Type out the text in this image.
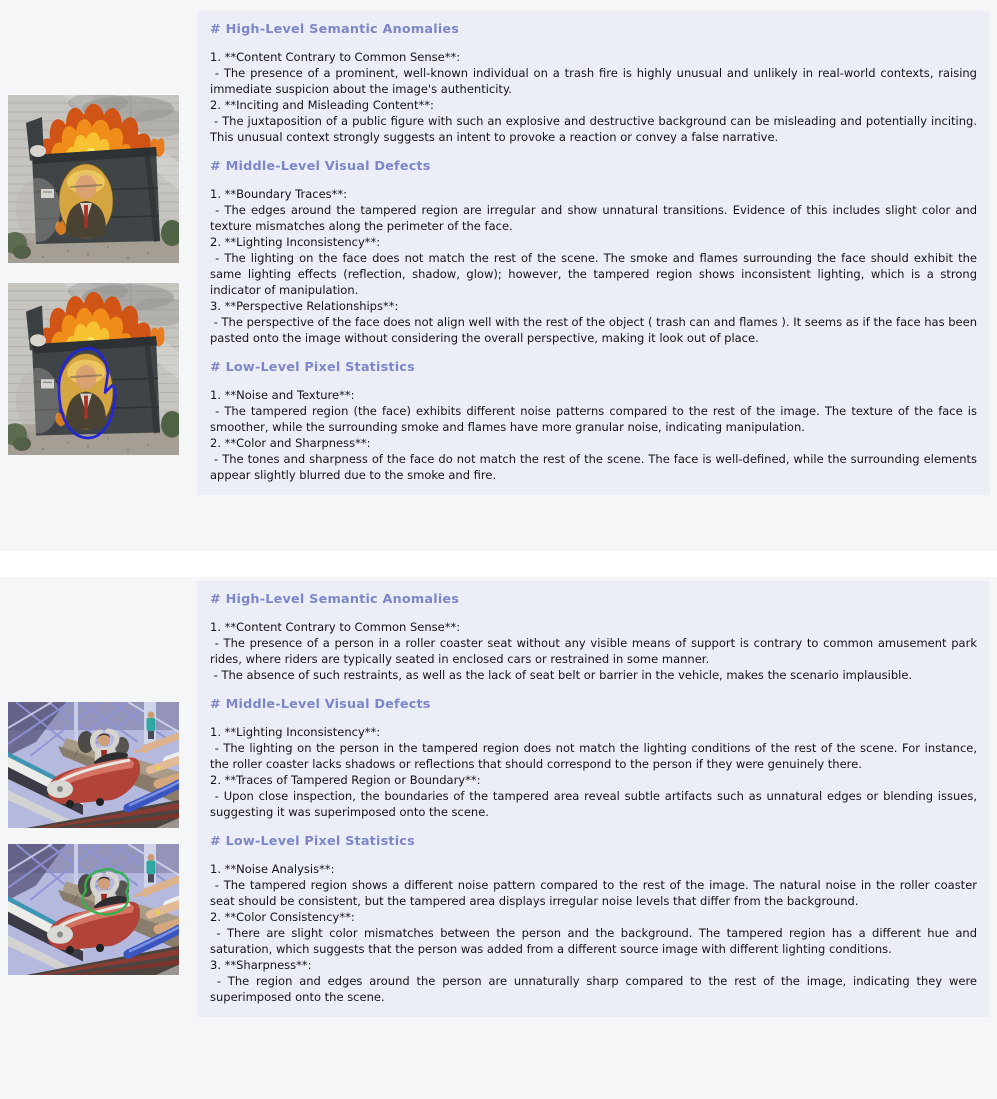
# High-Level Semantic Anomalies

1. **Content Contrary to Common Sense**:

- The presence of a prominent, well-known individual on a trash fire is highly unusual and unlikely in real-world contexts, raising immediate suspicion about the image's authenticity.

2. **Inciting and Misleading Content**:

- The juxtaposition of a public figure with such an explosive and destructive background can be misleading and potentially inciting. This unusual context strongly suggests an intent to provoke a reaction or convey a false narrative.

# Middle-Level Visual Defects

1. **Boundary Traces**:

- The edges around the tampered region are irregular and show unnatural transitions. Evidence of this includes slight color and texture mismatches along the perimeter of the face.

2. **Lighting Inconsistency**:

- The lighting on the face does not match the rest of the scene. The smoke and flames surrounding the face should exhibit the same lighting effects (reflection, shadow, glow); however, the tampered region shows inconsistent lighting, which is a strong indicator of manipulation.

3. **Perspective Relationships**:

- The perspective of the face does not align well with the rest of the object ( trash can and flames ). It seems as if the face has been pasted onto the image without considering the overall perspective, making it look out of place.

# Low-Level Pixel Statistics

1. **Noise and Texture**:

- The tampered region (the face) exhibits different noise patterns compared to the rest of the image. The texture of the face is smoother, while the surrounding smoke and flames have more granular noise, indicating manipulation.

2. **Color and Sharpness**:

- The tones and sharpness of the face do not match the rest of the scene. The face is well-defined, while the surrounding elements appear slightly blurred due to the smoke and fire.

# High-Level Semantic Anomalies

1. **Content Contrary to Common Sense**:

- The presence of a person in a roller coaster seat without any visible means of support is contrary to common amusement park rides, where riders are typically seated in enclosed cars or restrained in some manner.

- The absence of such restraints, as well as the lack of seat belt or barrier in the vehicle, makes the scenario implausible.

# Middle-Level Visual Defects

1. **Lighting Inconsistency**:

- The lighting on the person in the tampered region does not match the lighting conditions of the rest of the scene. For instance, the roller coaster lacks shadows or reflections that should correspond to the person if they were genuinely there.

2. **Traces of Tampered Region or Boundary**:

- Upon close inspection, the boundaries of the tampered area reveal subtle artifacts such as unnatural edges or blending issues, suggesting it was superimposed onto the scene.

# Low-Level Pixel Statistics

1. **Noise Analysis**:

- The tampered region shows a different noise pattern compared to the rest of the image. The natural noise in the roller coaster seat should be consistent, but the tampered area displays irregular noise levels that differ from the background.

2. **Color Consistency**:

- There are slight color mismatches between the person and the background. The tampered region has a different hue and saturation, which suggests that the person was added from a different source image with different lighting conditions.

3. **Sharpness**:

- The region and edges around the person are unnaturally sharp compared to the rest of the image, indicating they were superimposed onto the scene.
